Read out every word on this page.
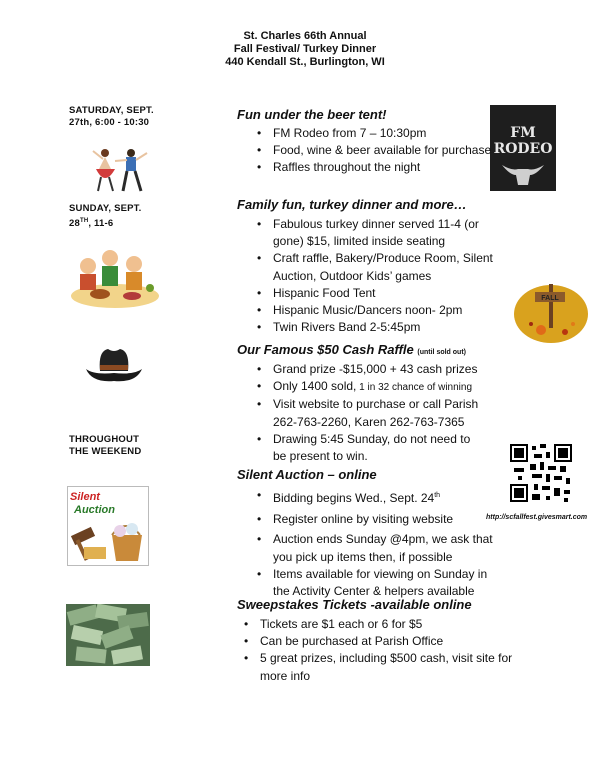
St. Charles 66th Annual
Fall Festival/ Turkey Dinner
440 Kendall St., Burlington, WI
SATURDAY, SEPT.
27th, 6:00 - 10:30
SUNDAY, SEPT.
28TH, 11-6
THROUGHOUT
THE WEEKEND
Silent
Auction
FM RODEO
FALL
http://scfallfest.givesmart.com
Fun under the beer tent!
• FM Rodeo from 7 – 10:30pm
• Food, wine & beer available for purchase
• Raffles throughout the night
Family fun, turkey dinner and more…
• Fabulous turkey dinner served 11-4 (or gone) $15, limited inside seating
• Craft raffle, Bakery/Produce Room, Silent Auction, Outdoor Kids’ games
• Hispanic Food Tent
• Hispanic Music/Dancers noon- 2pm
• Twin Rivers Band 2-5:45pm
Our Famous $50 Cash Raffle (until sold out)
• Grand prize -$15,000 + 43 cash prizes
• Only 1400 sold, 1 in 32 chance of winning
• Visit website to purchase or call Parish 262-763-2260, Karen 262-763-7365
• Drawing 5:45 Sunday, do not need to be present to win.
Silent Auction – online
• Bidding begins Wed., Sept. 24th
• Register online by visiting website
• Auction ends Sunday @4pm, we ask that you pick up items then, if possible
• Items available for viewing on Sunday in the Activity Center & helpers available
Sweepstakes Tickets -available online
• Tickets are $1 each or 6 for $5
• Can be purchased at Parish Office
• 5 great prizes, including $500 cash, visit site for more info
